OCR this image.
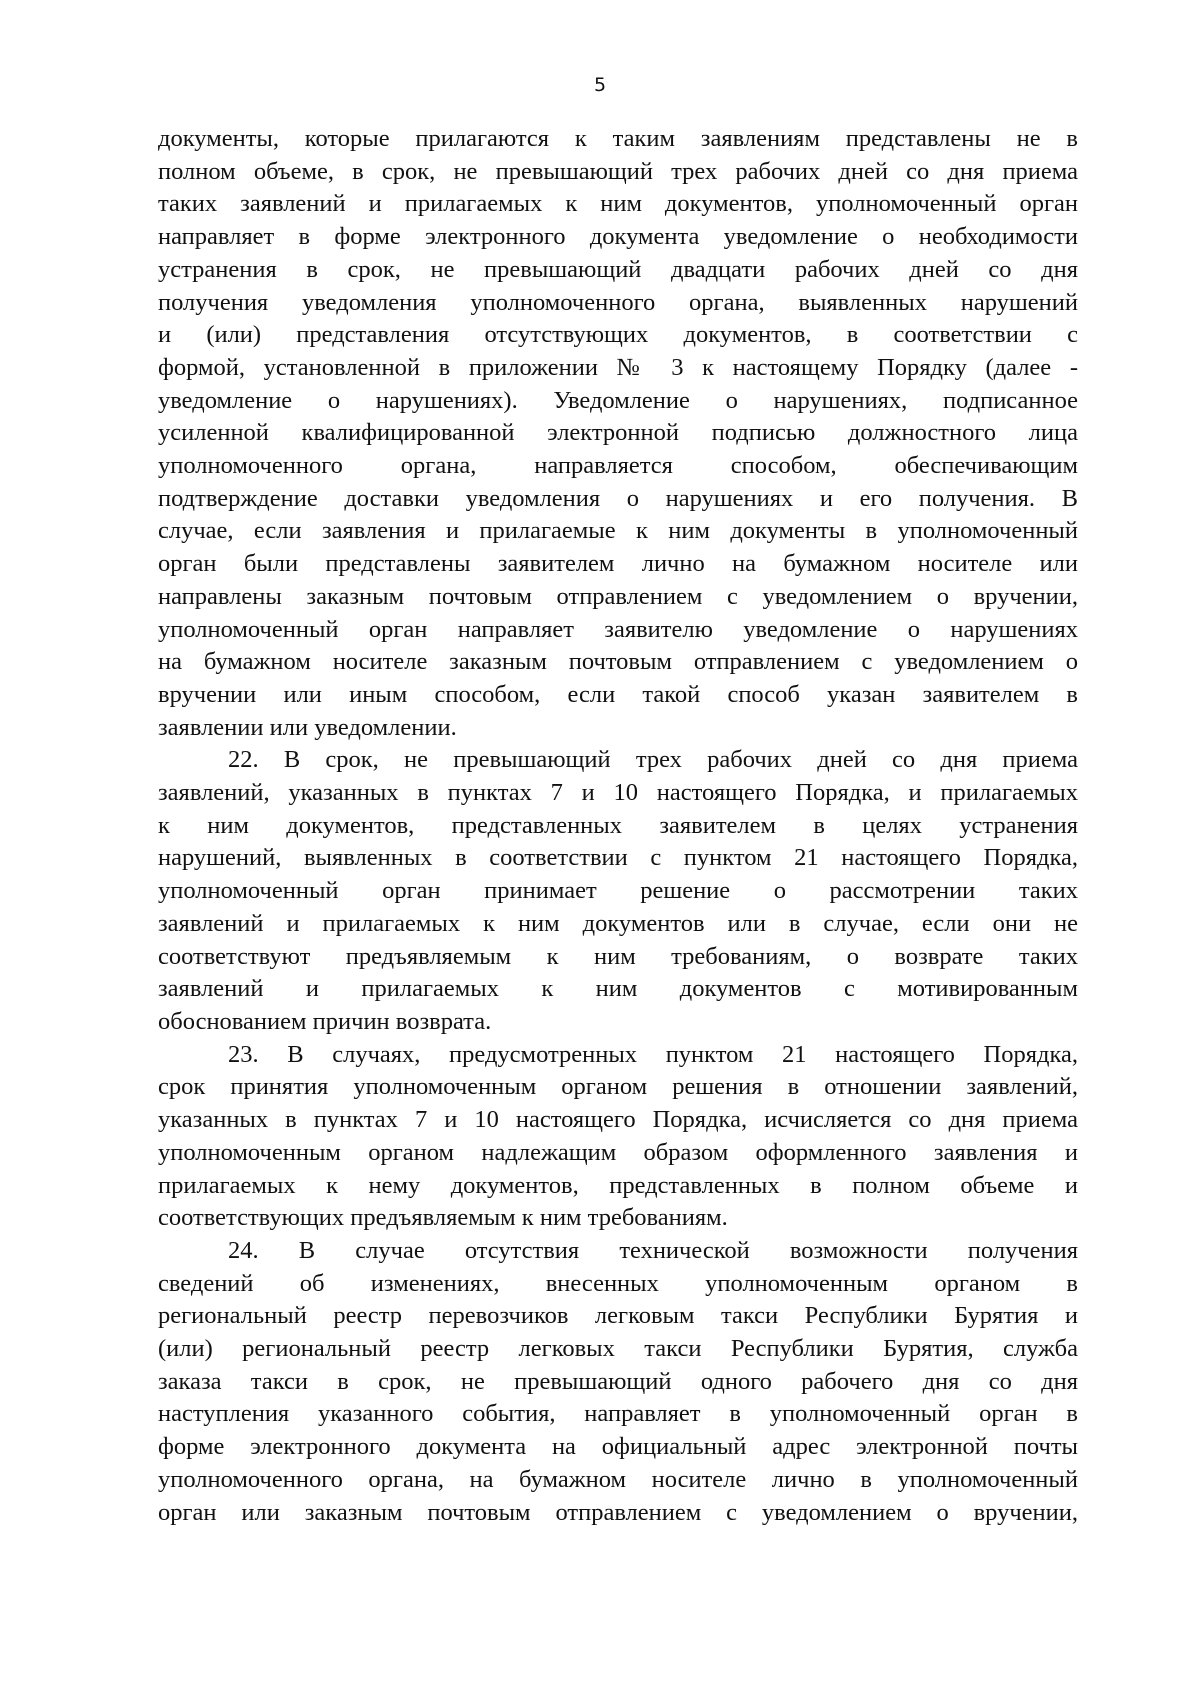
5
документы, которые прилагаются к таким заявлениям представлены не в
полном объеме, в срок, не превышающий трех рабочих дней со дня приема
таких заявлений и прилагаемых к ним документов, уполномоченный орган
направляет в форме электронного документа уведомление о необходимости
устранения в срок, не превышающий двадцати рабочих дней со дня
получения уведомления уполномоченного органа, выявленных нарушений
и (или) представления отсутствующих документов, в соответствии с
формой, установленной в приложении № 3 к настоящему Порядку (далее -
уведомление о нарушениях). Уведомление о нарушениях, подписанное
усиленной квалифицированной электронной подписью должностного лица
уполномоченного органа, направляется способом, обеспечивающим
подтверждение доставки уведомления о нарушениях и его получения. В
случае, если заявления и прилагаемые к ним документы в уполномоченный
орган были представлены заявителем лично на бумажном носителе или
направлены заказным почтовым отправлением с уведомлением о вручении,
уполномоченный орган направляет заявителю уведомление о нарушениях
на бумажном носителе заказным почтовым отправлением с уведомлением о
вручении или иным способом, если такой способ указан заявителем в
заявлении или уведомлении.
22. В срок, не превышающий трех рабочих дней со дня приема
заявлений, указанных в пунктах 7 и 10 настоящего Порядка, и прилагаемых
к ним документов, представленных заявителем в целях устранения
нарушений, выявленных в соответствии с пунктом 21 настоящего Порядка,
уполномоченный орган принимает решение о рассмотрении таких
заявлений и прилагаемых к ним документов или в случае, если они не
соответствуют предъявляемым к ним требованиям, о возврате таких
заявлений и прилагаемых к ним документов с мотивированным
обоснованием причин возврата.
23. В случаях, предусмотренных пунктом 21 настоящего Порядка,
срок принятия уполномоченным органом решения в отношении заявлений,
указанных в пунктах 7 и 10 настоящего Порядка, исчисляется со дня приема
уполномоченным органом надлежащим образом оформленного заявления и
прилагаемых к нему документов, представленных в полном объеме и
соответствующих предъявляемым к ним требованиям.
24. В случае отсутствия технической возможности получения
сведений об изменениях, внесенных уполномоченным органом в
региональный реестр перевозчиков легковым такси Республики Бурятия и
(или) региональный реестр легковых такси Республики Бурятия, служба
заказа такси в срок, не превышающий одного рабочего дня со дня
наступления указанного события, направляет в уполномоченный орган в
форме электронного документа на официальный адрес электронной почты
уполномоченного органа, на бумажном носителе лично в уполномоченный
орган или заказным почтовым отправлением с уведомлением о вручении,
